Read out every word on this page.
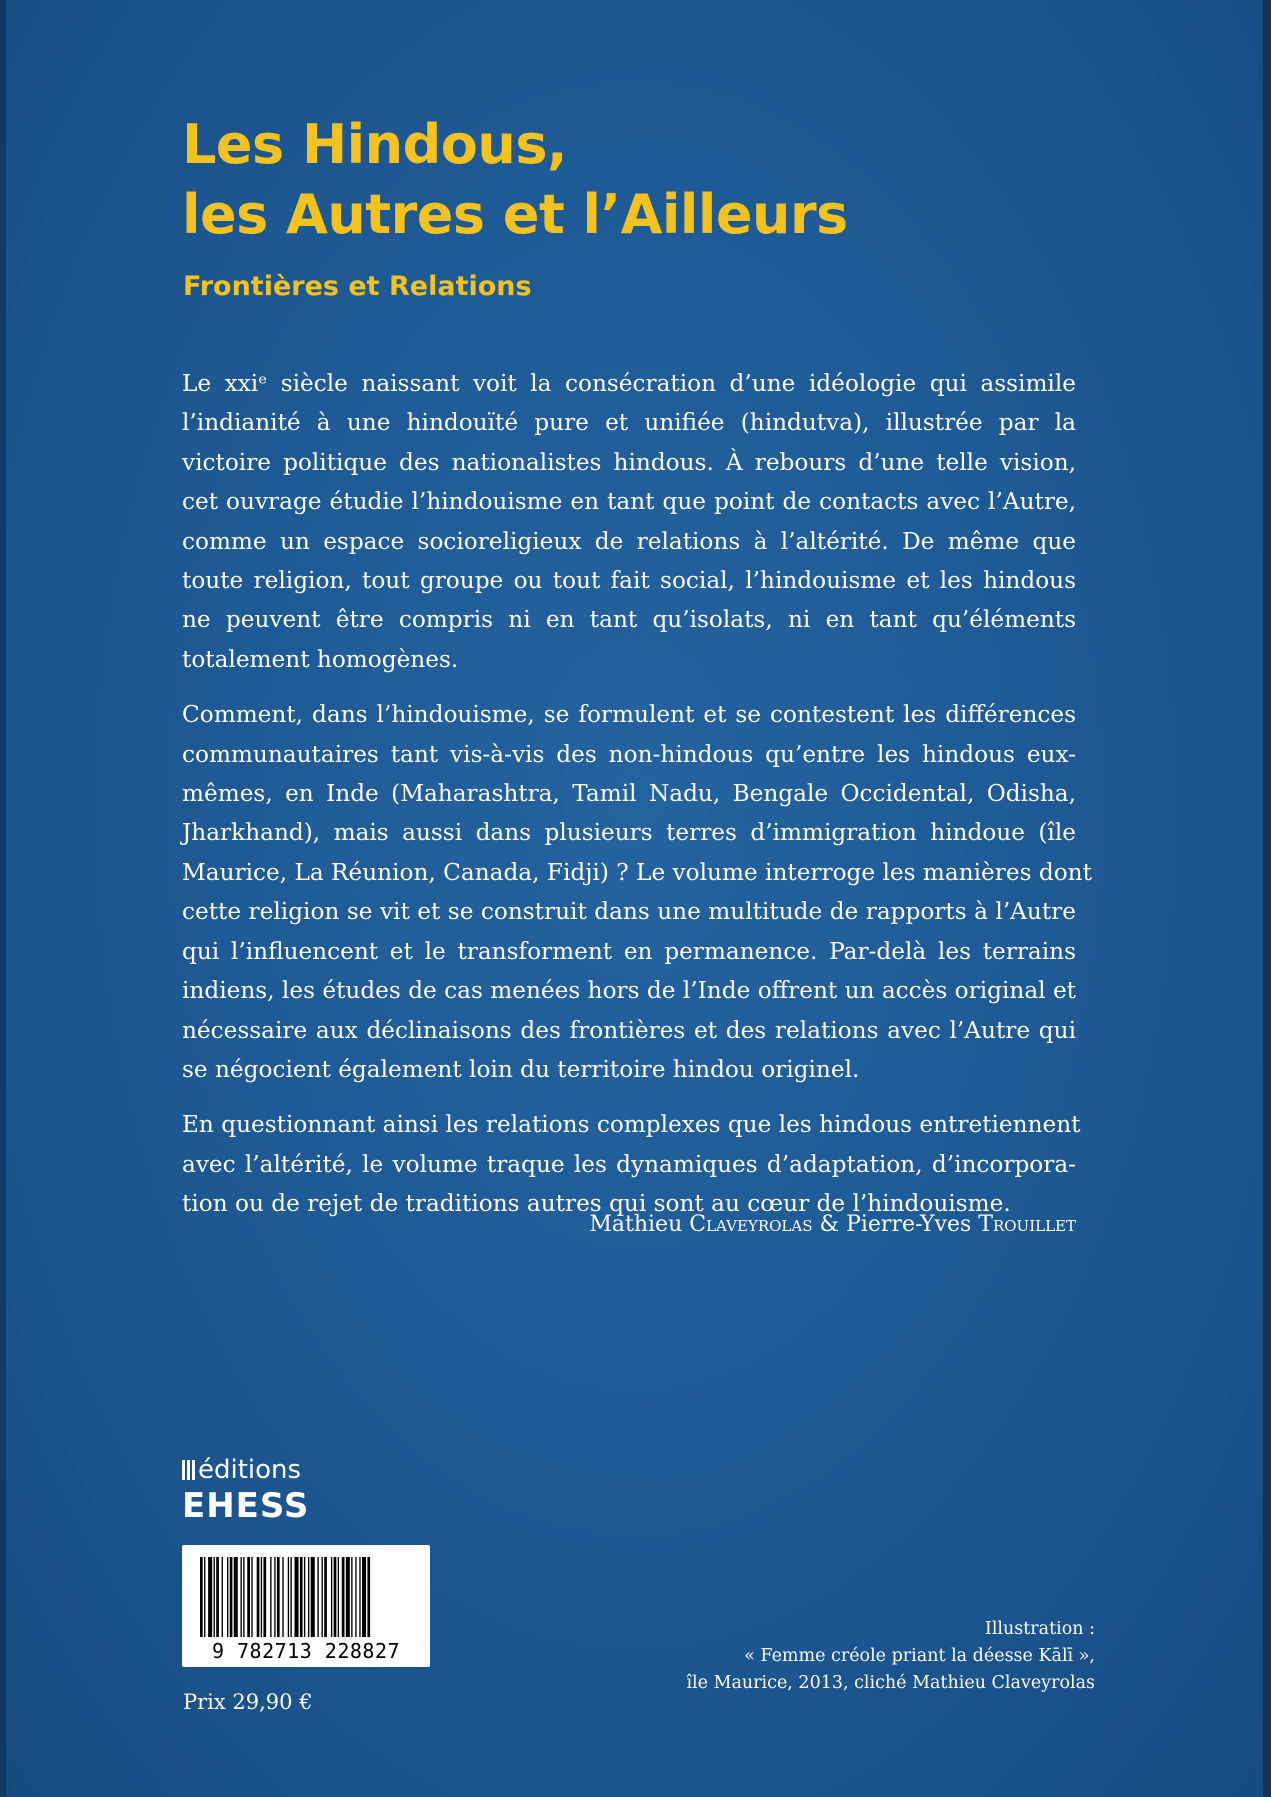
Les Hindous,
les Autres et l’Ailleurs
Frontières et Relations

Le xxiᵉ siècle naissant voit la consécration d’une idéologie qui assimile
l’indianité à une hindouïté pure et unifiée (hindutva), illustrée par la
victoire politique des nationalistes hindous. À rebours d’une telle vision,
cet ouvrage étudie l’hindouisme en tant que point de contacts avec l’Autre,
comme un espace socioreligieux de relations à l’altérité. De même que
toute religion, tout groupe ou tout fait social, l’hindouisme et les hindous
ne peuvent être compris ni en tant qu’isolats, ni en tant qu’éléments
totalement homogènes.

Comment, dans l’hindouisme, se formulent et se contestent les différences
communautaires tant vis-à-vis des non-hindous qu’entre les hindous eux-
mêmes, en Inde (Maharashtra, Tamil Nadu, Bengale Occidental, Odisha,
Jharkhand), mais aussi dans plusieurs terres d’immigration hindoue (île
Maurice, La Réunion, Canada, Fidji) ? Le volume interroge les manières dont
cette religion se vit et se construit dans une multitude de rapports à l’Autre
qui l’influencent et le transforment en permanence. Par-delà les terrains
indiens, les études de cas menées hors de l’Inde offrent un accès original et
nécessaire aux déclinaisons des frontières et des relations avec l’Autre qui
se négocient également loin du territoire hindou originel.

En questionnant ainsi les relations complexes que les hindous entretiennent
avec l’altérité, le volume traque les dynamiques d’adaptation, d’incorpora-
tion ou de rejet de traditions autres qui sont au cœur de l’hindouisme.

Mathieu Claveyrolas & Pierre-Yves Trouillet
éditions
EHESS
9 782713 228827
Prix 29,90 €
Illustration :
« Femme créole priant la déesse Kālī »,
île Maurice, 2013, cliché Mathieu Claveyrolas
